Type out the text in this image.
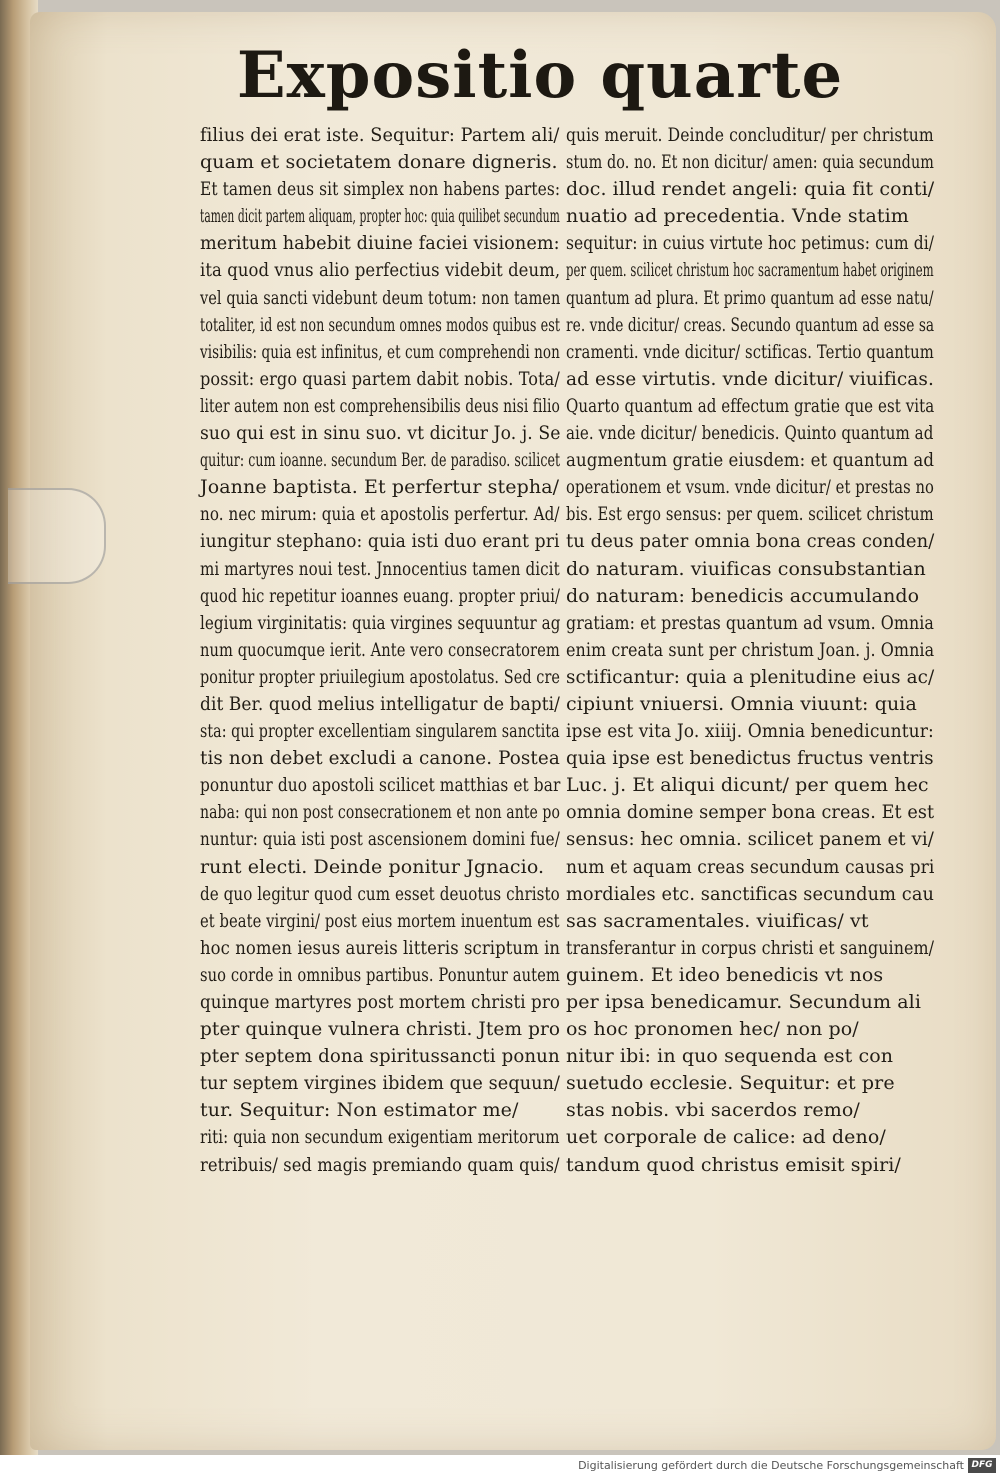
Expositio quarte
filius dei erat iste. Sequitur: Partem ali/
quam et societatem donare digneris.
Et tamen deus sit simplex non habens partes:
tamen dicit partem aliquam, propter hoc: quia quilibet secundum
meritum habebit diuine faciei visionem:
ita quod vnus alio perfectius videbit deum,
vel quia sancti videbunt deum totum: non tamen
totaliter, id est non secundum omnes modos quibus est
visibilis: quia est infinitus, et cum comprehendi non
possit: ergo quasi partem dabit nobis. Tota/
liter autem non est comprehensibilis deus nisi filio
suo qui est in sinu suo. vt dicitur Jo. j. Se
quitur: cum ioanne. secundum Ber. de paradiso. scilicet
Joanne baptista. Et perfertur stepha/
no. nec mirum: quia et apostolis perfertur. Ad/
iungitur stephano: quia isti duo erant pri
mi martyres noui test. Jnnocentius tamen dicit
quod hic repetitur ioannes euang. propter priui/
legium virginitatis: quia virgines sequuntur ag
num quocumque ierit. Ante vero consecratorem
ponitur propter priuilegium apostolatus. Sed cre
dit Ber. quod melius intelligatur de bapti/
sta: qui propter excellentiam singularem sanctita
tis non debet excludi a canone. Postea
ponuntur duo apostoli scilicet matthias et bar
naba: qui non post consecrationem et non ante po
nuntur: quia isti post ascensionem domini fue/
runt electi. Deinde ponitur Jgnacio.
de quo legitur quod cum esset deuotus christo
et beate virgini/ post eius mortem inuentum est
hoc nomen iesus aureis litteris scriptum in
suo corde in omnibus partibus. Ponuntur autem
quinque martyres post mortem christi pro
pter quinque vulnera christi. Jtem pro
pter septem dona spiritussancti ponun
tur septem virgines ibidem que sequun/
tur. Sequitur: Non estimator me/
riti: quia non secundum exigentiam meritorum
retribuis/ sed magis premiando quam quis/
quis meruit. Deinde concluditur/ per christum
stum do. no. Et non dicitur/ amen: quia secundum
doc. illud rendet angeli: quia fit conti/
nuatio ad precedentia. Vnde statim
sequitur: in cuius virtute hoc petimus: cum di/
per quem. scilicet christum hoc sacramentum habet originem
quantum ad plura. Et primo quantum ad esse natu/
re. vnde dicitur/ creas. Secundo quantum ad esse sa
cramenti. vnde dicitur/ sctificas. Tertio quantum
ad esse virtutis. vnde dicitur/ viuificas.
Quarto quantum ad effectum gratie que est vita
aie. vnde dicitur/ benedicis. Quinto quantum ad
augmentum gratie eiusdem: et quantum ad
operationem et vsum. vnde dicitur/ et prestas no
bis. Est ergo sensus: per quem. scilicet christum
tu deus pater omnia bona creas conden/
do naturam. viuificas consubstantian
do naturam: benedicis accumulando
gratiam: et prestas quantum ad vsum. Omnia
enim creata sunt per christum Joan. j. Omnia
sctificantur: quia a plenitudine eius ac/
cipiunt vniuersi. Omnia viuunt: quia
ipse est vita Jo. xiiij. Omnia benedicuntur:
quia ipse est benedictus fructus ventris
Luc. j. Et aliqui dicunt/ per quem hec
omnia domine semper bona creas. Et est
sensus: hec omnia. scilicet panem et vi/
num et aquam creas secundum causas pri
mordiales etc. sanctificas secundum cau
sas sacramentales. viuificas/ vt
transferantur in corpus christi et sanguinem/
guinem. Et ideo benedicis vt nos
per ipsa benedicamur. Secundum ali
os hoc pronomen hec/ non po/
nitur ibi: in quo sequenda est con
suetudo ecclesie. Sequitur: et pre
stas nobis. vbi sacerdos remo/
uet corporale de calice: ad deno/
tandum quod christus emisit spiri/
Digitalisierung gefördert durch die Deutsche Forschungsgemeinschaft DFG
